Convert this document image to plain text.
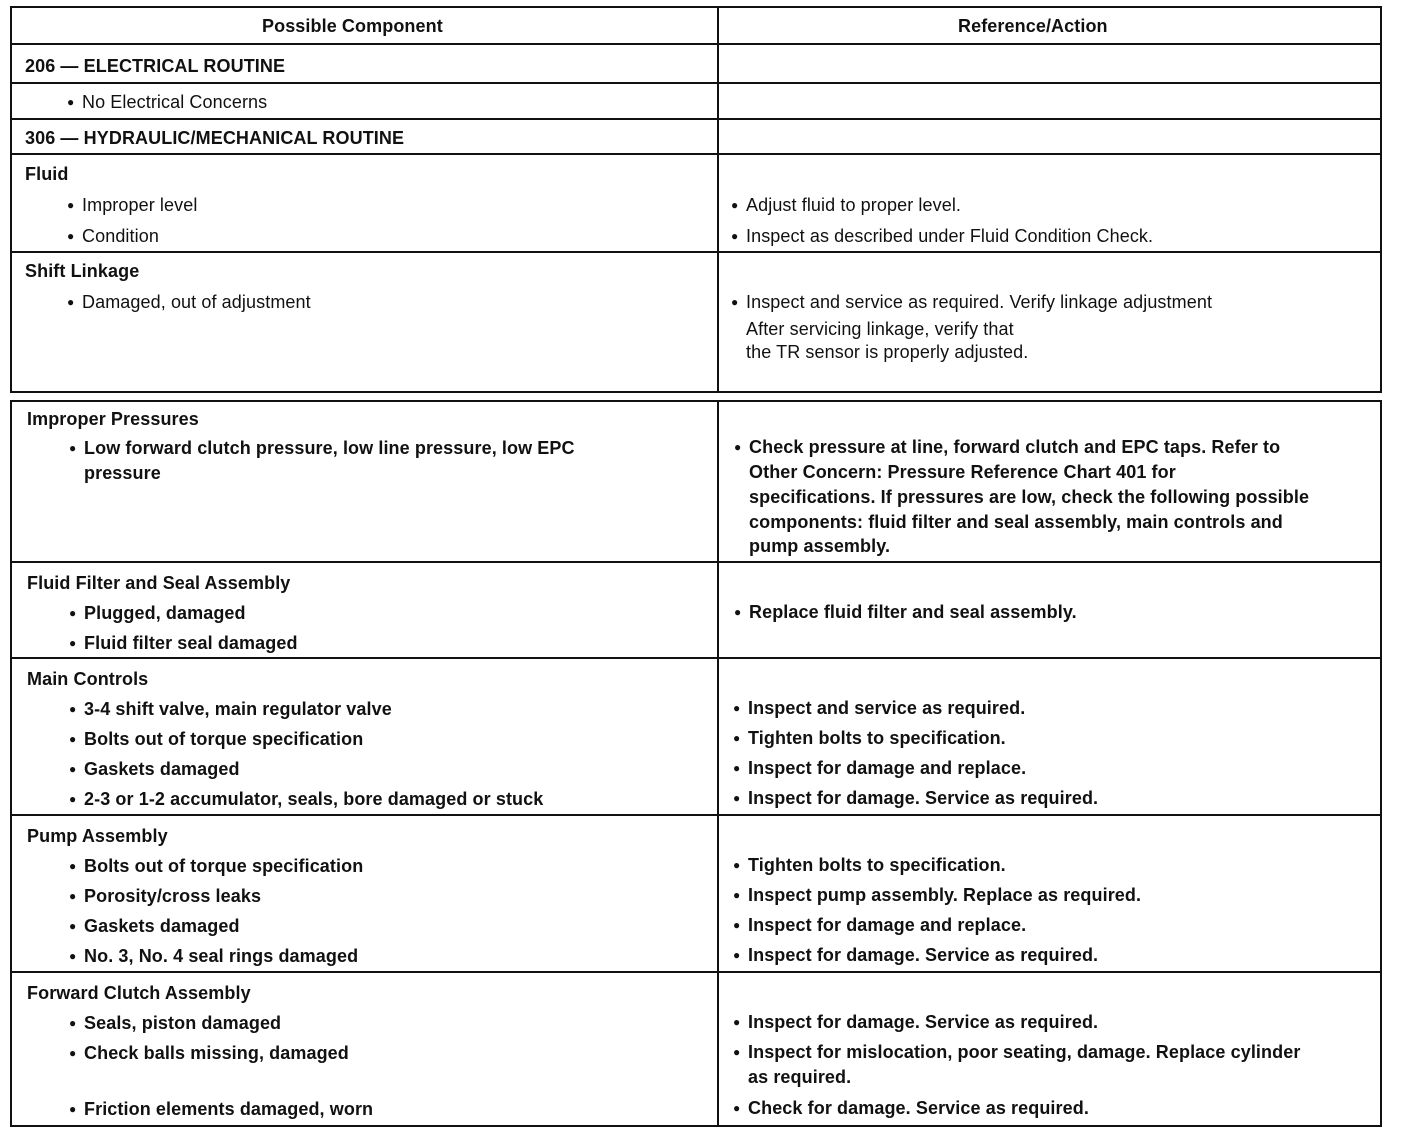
Possible Component	Reference/Action
206 — ELECTRICAL ROUTINE
● No Electrical Concerns
306 — HYDRAULIC/MECHANICAL ROUTINE
Fluid
● Improper level
● Condition
● Adjust fluid to proper level.
● Inspect as described under Fluid Condition Check.
Shift Linkage
● Damaged, out of adjustment
●	Inspect and service as required. Verify linkage adjustment
After servicing linkage, verify that
the TR sensor is properly adjusted.
Improper Pressures
● Low forward clutch pressure, low line pressure, low EPC
pressure
● Check pressure at line, forward clutch and EPC taps. Refer to
Other Concern: Pressure Reference Chart 401 for
specifications. If pressures are low, check the following possible
components: fluid filter and seal assembly, main controls and
pump assembly.
Fluid Filter and Seal Assembly
● Plugged, damaged
● Fluid filter seal damaged
● Replace fluid filter and seal assembly.
Main Controls
● 3-4 shift valve, main regulator valve
● Bolts out of torque specification
● Gaskets damaged
● 2-3 or 1-2 accumulator, seals, bore damaged or stuck
● Inspect and service as required.
● Tighten bolts to specification.
● Inspect for damage and replace.
● Inspect for damage. Service as required.
Pump Assembly
● Bolts out of torque specification
● Porosity/cross leaks
● Gaskets damaged
● No. 3, No. 4 seal rings damaged
● Tighten bolts to specification.
● Inspect pump assembly. Replace as required.
● Inspect for damage and replace.
● Inspect for damage. Service as required.
Forward Clutch Assembly
● Seals, piston damaged
● Check balls missing, damaged
● Friction elements damaged, worn
● Inspect for damage. Service as required.
● Inspect for mislocation, poor seating, damage. Replace cylinder
as required.
● Check for damage. Service as required.
